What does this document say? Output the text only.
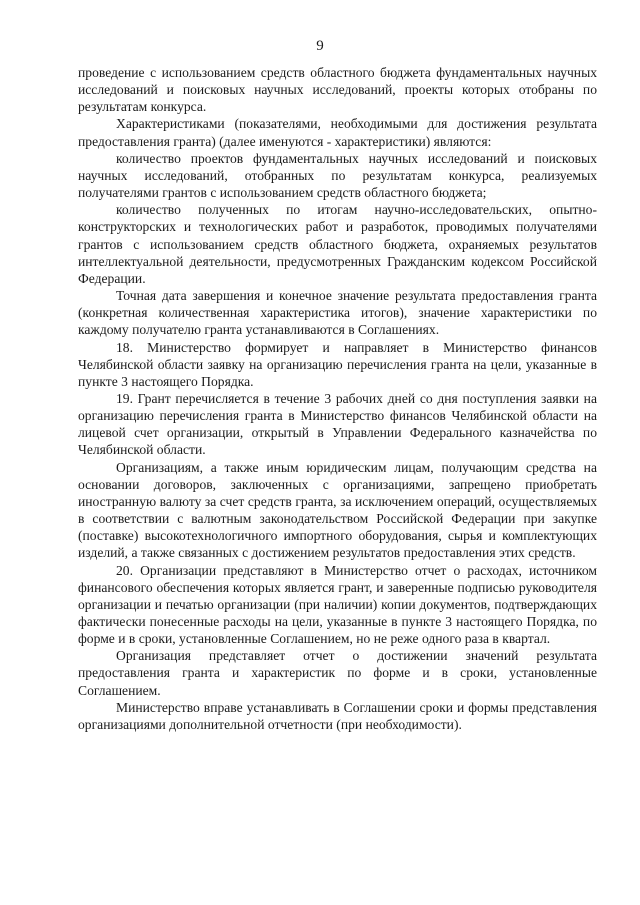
9

проведение с использованием средств областного бюджета фундаментальных научных исследований и поисковых научных исследований, проекты которых отобраны по результатам конкурса.

Характеристиками (показателями, необходимыми для достижения результата предоставления гранта) (далее именуются - характеристики) являются:

количество проектов фундаментальных научных исследований и поисковых научных исследований, отобранных по результатам конкурса, реализуемых получателями грантов с использованием средств областного бюджета;

количество полученных по итогам научно-исследовательских, опытно-конструкторских и технологических работ и разработок, проводимых получателями грантов с использованием средств областного бюджета, охраняемых результатов интеллектуальной деятельности, предусмотренных Гражданским кодексом Российской Федерации.

Точная дата завершения и конечное значение результата предоставления гранта (конкретная количественная характеристика итогов), значение характеристики по каждому получателю гранта устанавливаются в Соглашениях.

18. Министерство формирует и направляет в Министерство финансов Челябинской области заявку на организацию перечисления гранта на цели, указанные в пункте 3 настоящего Порядка.

19. Грант перечисляется в течение 3 рабочих дней со дня поступления заявки на организацию перечисления гранта в Министерство финансов Челябинской области на лицевой счет организации, открытый в Управлении Федерального казначейства по Челябинской области.

Организациям, а также иным юридическим лицам, получающим средства на основании договоров, заключенных с организациями, запрещено приобретать иностранную валюту за счет средств гранта, за исключением операций, осуществляемых в соответствии с валютным законодательством Российской Федерации при закупке (поставке) высокотехнологичного импортного оборудования, сырья и комплектующих изделий, а также связанных с достижением результатов предоставления этих средств.

20. Организации представляют в Министерство отчет о расходах, источником финансового обеспечения которых является грант, и заверенные подписью руководителя организации и печатью организации (при наличии) копии документов, подтверждающих фактически понесенные расходы на цели, указанные в пункте 3 настоящего Порядка, по форме и в сроки, установленные Соглашением, но не реже одного раза в квартал.

Организация представляет отчет о достижении значений результата предоставления гранта и характеристик по форме и в сроки, установленные Соглашением.

Министерство вправе устанавливать в Соглашении сроки и формы представления организациями дополнительной отчетности (при необходимости).
